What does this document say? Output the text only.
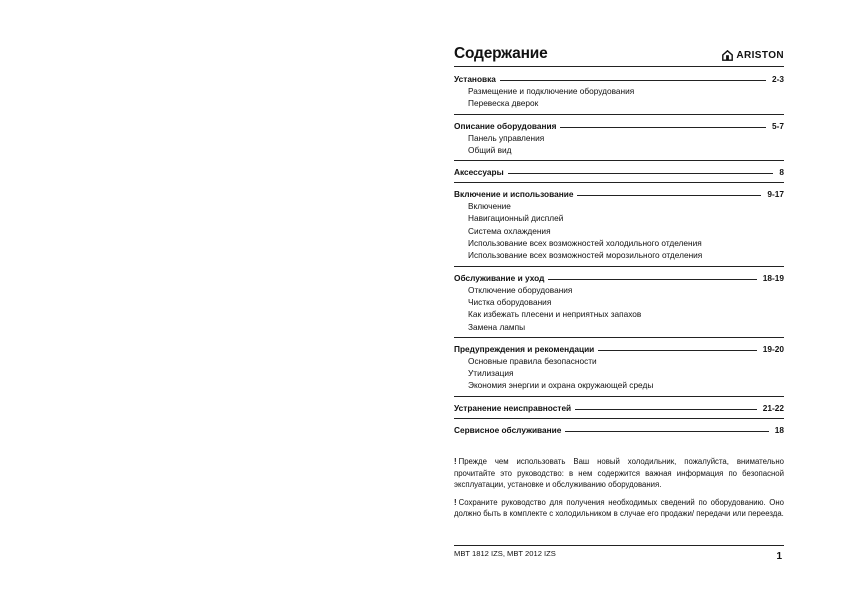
Содержание	ARISTON
Установка	2-3
Размещение и подключение оборудования
Перевеска дверок
Описание оборудования	5-7
Панель управления
Общий вид
Аксессуары	8
Включение и использование	9-17
Включение
Навигационный дисплей
Система охлаждения
Использование всех возможностей холодильного отделения
Использование всех возможностей морозильного отделения
Обслуживание и уход	18-19
Отключение оборудования
Чистка оборудования
Как избежать плесени и неприятных запахов
Замена лампы
Предупреждения и рекомендации	19-20
Основные правила безопасности
Утилизация
Экономия энергии и охрана окружающей среды
Устранение неисправностей	21-22
Сервисное обслуживание	18

! Прежде чем использовать Ваш новый холодильник, пожалуйста, внимательно прочитайте это руководство: в нем содержится важная информация по безопасной эксплуатации, установке и обслуживанию оборудования.

! Сохраните руководство для получения необходимых сведений по оборудованию. Оно должно быть в комплекте с холодильником в случае его продажи/ передачи или переезда.

MBT 1812 IZS, MBT 2012 IZS	1
